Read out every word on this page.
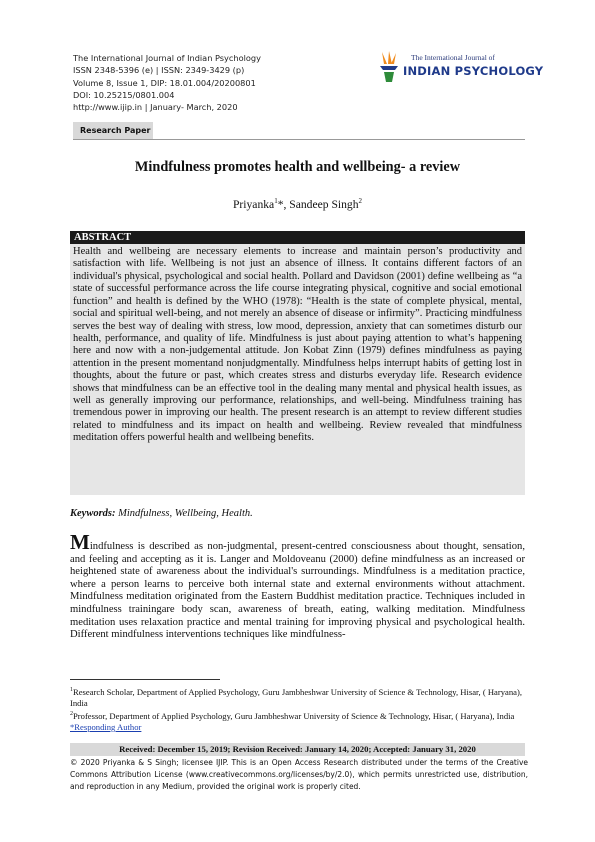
The International Journal of Indian Psychology
ISSN 2348-5396 (e) | ISSN: 2349-3429 (p)
Volume 8, Issue 1, DIP: 18.01.004/20200801
DOI: 10.25215/0801.004
http://www.ijip.in | January- March, 2020
The International Journal of
INDIAN PSYCHOLOGY
Research Paper
Mindfulness promotes health and wellbeing- a review
Priyanka$^1$*, Sandeep Singh$^2$
ABSTRACT
Health and wellbeing are necessary elements to increase and maintain person’s productivity and satisfaction with life. Wellbeing is not just an absence of illness. It contains different factors of an individual's physical, psychological and social health. Pollard and Davidson (2001) define wellbeing as “a state of successful performance across the life course integrating physical, cognitive and social emotional function” and health is defined by the WHO (1978): “Health is the state of complete physical, mental, social and spiritual well-being, and not merely an absence of disease or infirmity”. Practicing mindfulness serves the best way of dealing with stress, low mood, depression, anxiety that can sometimes disturb our health, performance, and quality of life. Mindfulness is just about paying attention to what’s happening here and now with a non-judgemental attitude. Jon Kobat Zinn (1979) defines mindfulness as paying attention in the present momentand nonjudgmentally. Mindfulness helps interrupt habits of getting lost in thoughts, about the future or past, which creates stress and disturbs everyday life. Research evidence shows that mindfulness can be an effective tool in the dealing many mental and physical health issues, as well as generally improving our performance, relationships, and well-being. Mindfulness training has tremendous power in improving our health. The present research is an attempt to review different studies related to mindfulness and its impact on health and wellbeing. Review revealed that mindfulness meditation offers powerful health and wellbeing benefits.
Keywords: Mindfulness, Wellbeing, Health.
Mindfulness is described as non-judgmental, present-centred consciousness about thought, sensation, and feeling and accepting as it is. Langer and Moldoveanu (2000) define mindfulness as an increased or heightened state of awareness about the individual's surroundings. Mindfulness is a meditation practice, where a person learns to perceive both internal state and external environments without attachment. Mindfulness meditation originated from the Eastern Buddhist meditation practice. Techniques included in mindfulness trainingare body scan, awareness of breath, eating, walking meditation. Mindfulness meditation uses relaxation practice and mental training for improving physical and psychological health. Different mindfulness interventions techniques like mindfulness-

$^1$Research Scholar, Department of Applied Psychology, Guru Jambheshwar University of Science & Technology, Hisar, ( Haryana), India

$^2$Professor, Department of Applied Psychology, Guru Jambheshwar University of Science & Technology, Hisar, ( Haryana), India

*Responding Author

Received: December 15, 2019; Revision Received: January 14, 2020; Accepted: January 31, 2020
© 2020 Priyanka & S Singh; licensee IJIP. This is an Open Access Research distributed under the terms of the Creative Commons Attribution License (www.creativecommons.org/licenses/by/2.0), which permits unrestricted use, distribution, and reproduction in any Medium, provided the original work is properly cited.
